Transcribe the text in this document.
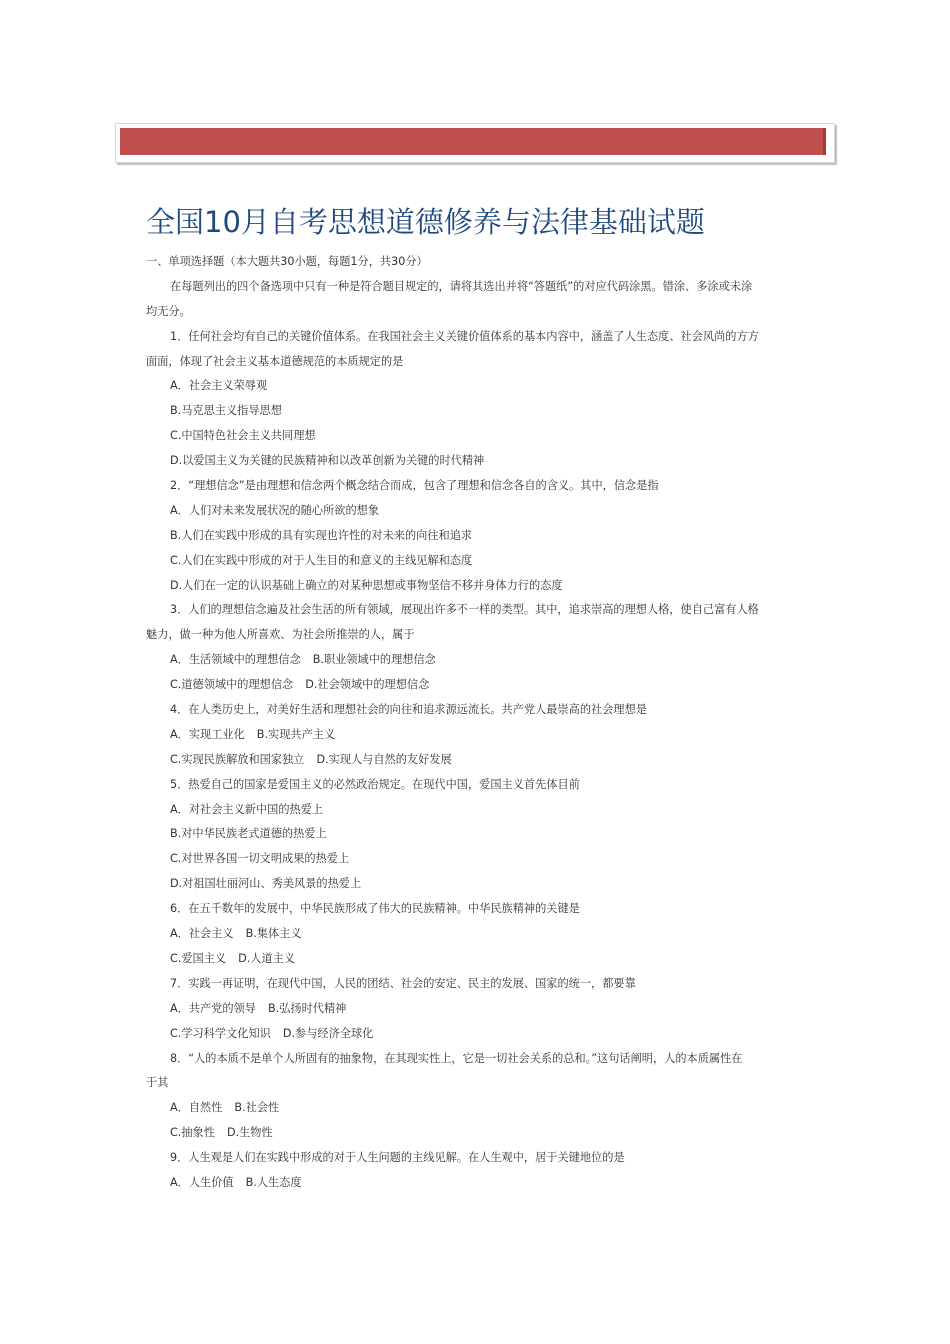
全国10月自考思想道德修养与法律基础试题
一、单项选择题（本大题共30小题，每题1分，共30分）
在每题列出的四个备选项中只有一种是符合题目规定的，请将其选出并将“答题纸”的对应代码涂黑。错涂、多涂或未涂
均无分。
1．任何社会均有自己的关键价值体系。在我国社会主义关键价值体系的基本内容中，涵盖了人生态度、社会风尚的方方
面面，体现了社会主义基本道德规范的本质规定的是
A．社会主义荣辱观
B.马克思主义指导思想
C.中国特色社会主义共同理想
D.以爱国主义为关键的民族精神和以改革创新为关键的时代精神
2．“理想信念”是由理想和信念两个概念结合而成，包含了理想和信念各自的含义。其中，信念是指
A．人们对未来发展状况的随心所欲的想象
B.人们在实践中形成的具有实现也许性的对未来的向往和追求
C.人们在实践中形成的对于人生目的和意义的主线见解和态度
D.人们在一定的认识基础上确立的对某种思想或事物坚信不移并身体力行的态度
3．人们的理想信念遍及社会生活的所有领域，展现出许多不一样的类型。其中，追求崇高的理想人格，使自己富有人格
魅力，做一种为他人所喜欢、为社会所推崇的人，属于
A．生活领域中的理想信念 B.职业领域中的理想信念
C.道德领域中的理想信念 D.社会领域中的理想信念
4．在人类历史上，对美好生活和理想社会的向往和追求源远流长。共产党人最崇高的社会理想是
A．实现工业化 B.实现共产主义
C.实现民族解放和国家独立 D.实现人与自然的友好发展
5．热爱自己的国家是爱国主义的必然政治规定。在现代中国，爱国主义首先体目前
A．对社会主义新中国的热爱上
B.对中华民族老式道德的热爱上
C.对世界各国一切文明成果的热爱上
D.对祖国壮丽河山、秀美风景的热爱上
6．在五千数年的发展中，中华民族形成了伟大的民族精神。中华民族精神的关键是
A．社会主义 B.集体主义
C.爱国主义 D.人道主义
7．实践一再证明，在现代中国，人民的团结、社会的安定、民主的发展、国家的统一，都要靠
A．共产党的领导 B.弘扬时代精神
C.学习科学文化知识 D.参与经济全球化
8．“人的本质不是单个人所固有的抽象物，在其现实性上，它是一切社会关系的总和。”这句话阐明，人的本质属性在
于其
A．自然性 B.社会性
C.抽象性 D.生物性
9．人生观是人们在实践中形成的对于人生问题的主线见解。在人生观中，居于关键地位的是
A．人生价值 B.人生态度
